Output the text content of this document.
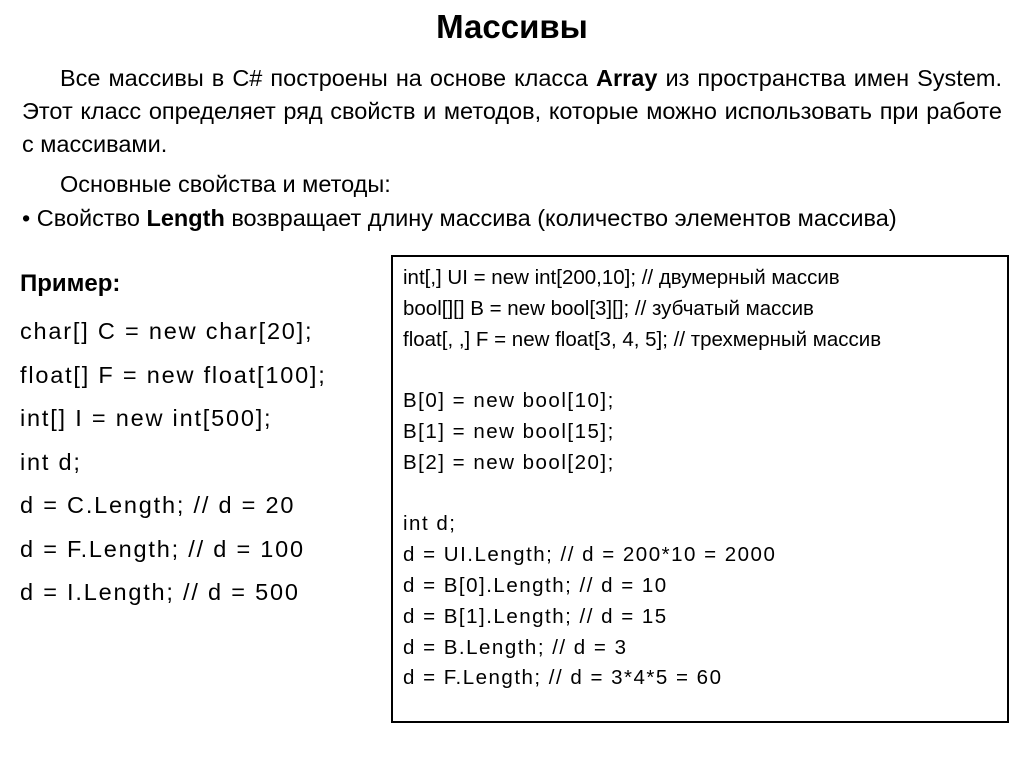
Массивы
Все массивы в C# построены на основе класса Array из пространства имен System. Этот класс определяет ряд свойств и методов, которые можно использовать при работе с массивами.
Основные свойства и методы:
• Свойство Length возвращает длину массива (количество элементов массива)
Пример:
char[] C = new char[20];
float[] F = new float[100];
int[] I = new int[500];
int d;
d = C.Length; // d = 20
d = F.Length; // d = 100
d = I.Length; // d = 500
int[,] UI = new int[200,10]; // двумерный массив
bool[][] B = new bool[3][]; // зубчатый массив
float[, ,] F = new float[3, 4, 5]; // трехмерный массив
B[0] = new bool[10];
B[1] = new bool[15];
B[2] = new bool[20];
int d;
d = UI.Length; // d = 200*10 = 2000
d = B[0].Length; // d = 10
d = B[1].Length; // d = 15
d = B.Length; // d = 3
d = F.Length; // d = 3*4*5 = 60
